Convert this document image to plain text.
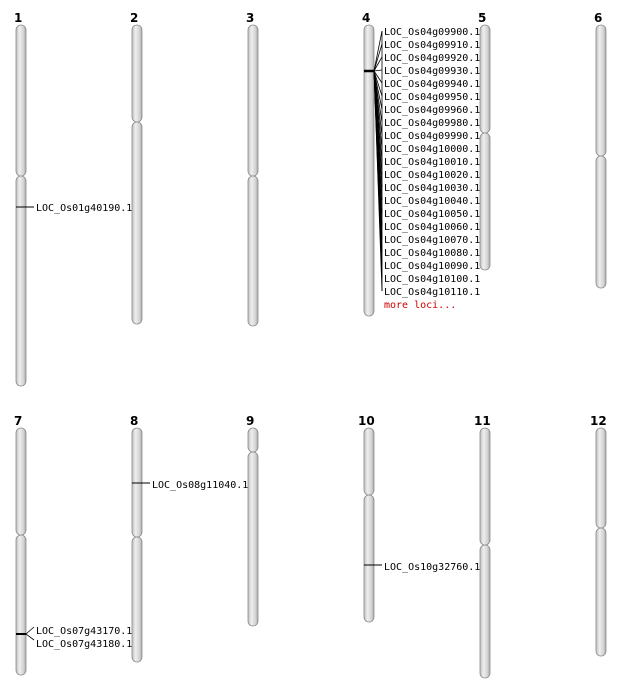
1
LOC_Os01g40190.1
2	3	4
LOC_Os04g09900.1
LOC_Os04g09910.1
LOC_Os04g09920.1
LOC_Os04g09930.1
LOC_Os04g09940.1
LOC_Os04g09950.1
LOC_Os04g09960.1
LOC_Os04g09980.1
LOC_Os04g09990.1
LOC_Os04g10000.1
LOC_Os04g10010.1
LOC_Os04g10020.1
LOC_Os04g10030.1
LOC_Os04g10040.1
LOC_Os04g10050.1
LOC_Os04g10060.1
LOC_Os04g10070.1
LOC_Os04g10080.1
LOC_Os04g10090.1
LOC_Os04g10100.1
LOC_Os04g10110.1
more loci...
5	6
7
LOC_Os07g43170.1
LOC_Os07g43180.1
8
LOC_Os08g11040.1
9	10
LOC_Os10g32760.1
11	12
